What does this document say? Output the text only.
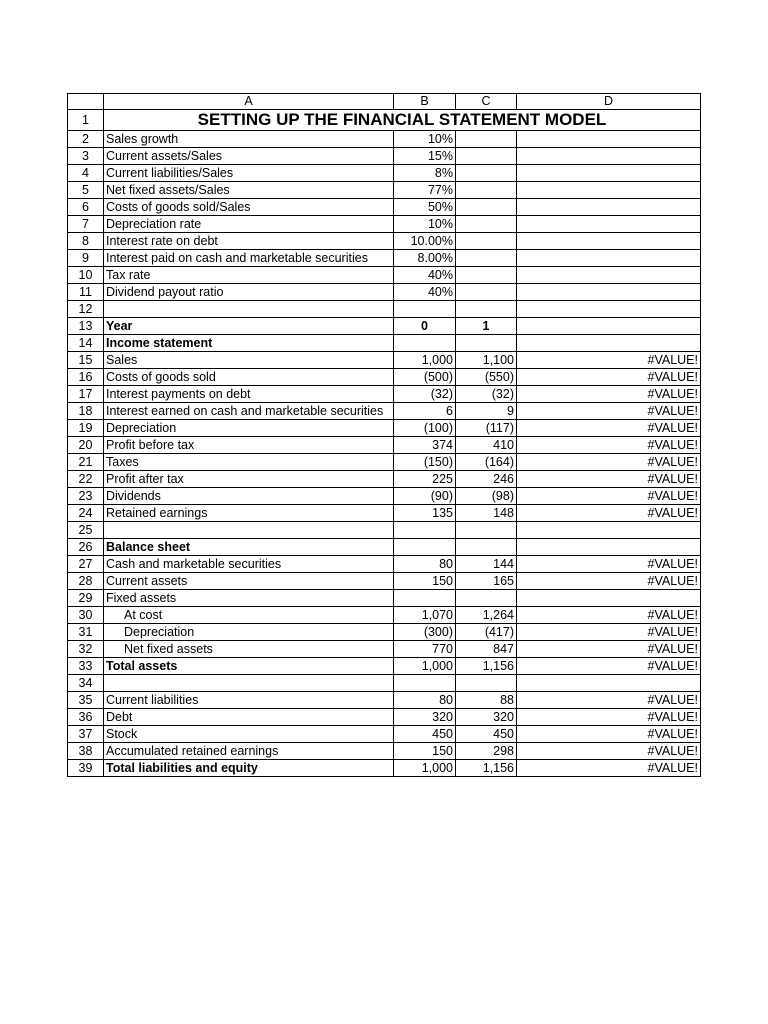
	A	B	C	D
1	SETTING UP THE FINANCIAL STATEMENT MODEL			
2	Sales growth	10%		
3	Current assets/Sales	15%		
4	Current liabilities/Sales	8%		
5	Net fixed assets/Sales	77%		
6	Costs of goods sold/Sales	50%		
7	Depreciation rate	10%		
8	Interest rate on debt	10.00%		
9	Interest paid on cash and marketable securities	8.00%		
10	Tax rate	40%		
11	Dividend payout ratio	40%		
12				
13	Year	0	1	
14	Income statement			
15	Sales	1,000	1,100	#VALUE!
16	Costs of goods sold	(500)	(550)	#VALUE!
17	Interest payments on debt	(32)	(32)	#VALUE!
18	Interest earned on cash and marketable securities	6	9	#VALUE!
19	Depreciation	(100)	(117)	#VALUE!
20	Profit before tax	374	410	#VALUE!
21	Taxes	(150)	(164)	#VALUE!
22	Profit after tax	225	246	#VALUE!
23	Dividends	(90)	(98)	#VALUE!
24	Retained earnings	135	148	#VALUE!
25				
26	Balance sheet			
27	Cash and marketable securities	80	144	#VALUE!
28	Current assets	150	165	#VALUE!
29	Fixed assets			
30	At cost	1,070	1,264	#VALUE!
31	Depreciation	(300)	(417)	#VALUE!
32	Net fixed assets	770	847	#VALUE!
33	Total assets	1,000	1,156	#VALUE!
34				
35	Current liabilities	80	88	#VALUE!
36	Debt	320	320	#VALUE!
37	Stock	450	450	#VALUE!
38	Accumulated retained earnings	150	298	#VALUE!
39	Total liabilities and equity	1,000	1,156	#VALUE!
